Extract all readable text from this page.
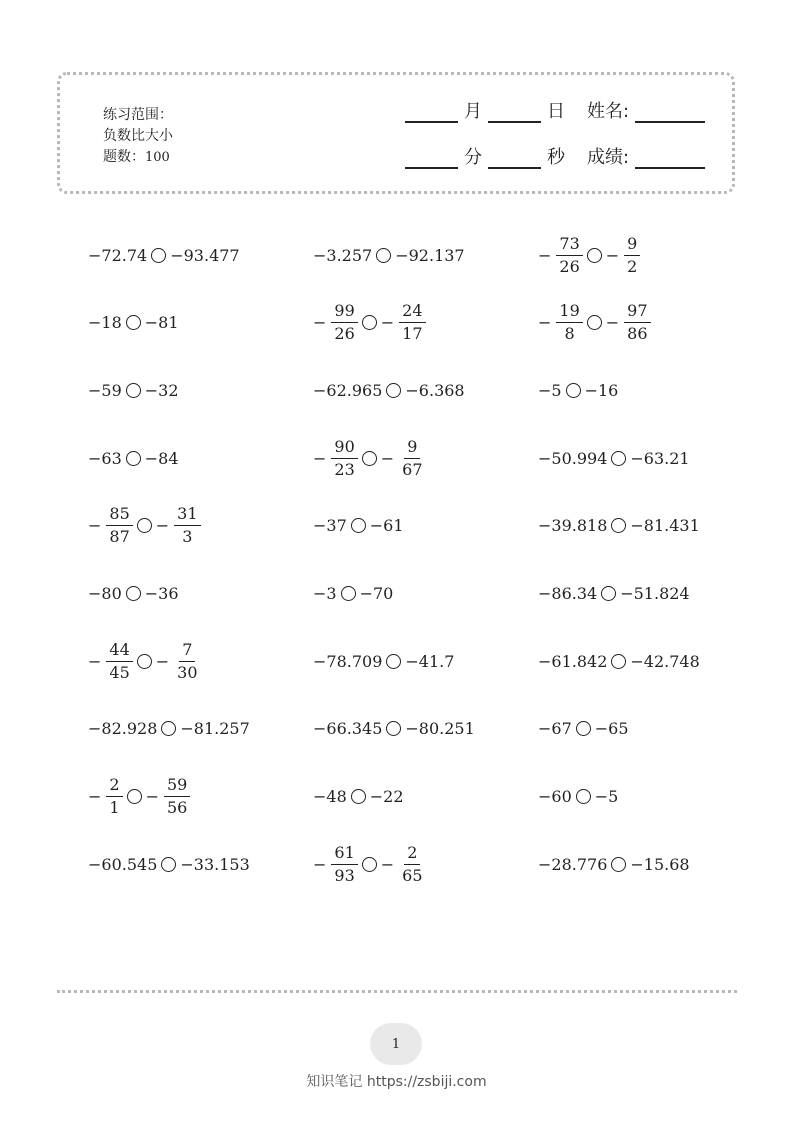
练习范围：
负数比大小
题数：100
月	日 姓名:
分	秒 成绩:
−72.74 −93.477	−3.257 −92.137	− $\frac{73}{26} - \frac{9}{2}$
−18 −81	− $\frac{99}{26} - \frac{24}{17}$	− $\frac{19}{8} - \frac{97}{86}$
−59 −32	−62.965 −6.368	−5 −16
−63 −84	− $\frac{90}{23} - \frac{9}{67}$	−50.994 −63.21
− $\frac{85}{87} - \frac{31}{3}$	−37 −61	−39.818 −81.431
−80 −36	−3 −70	−86.34 −51.824
− $\frac{44}{45} - \frac{7}{30}$	−78.709 −41.7	−61.842 −42.748
−82.928 −81.257	−66.345 −80.251	−67 −65
− $\frac{2}{1} - \frac{59}{56}$	−48 −22	−60 −5
−60.545 −33.153	− $\frac{61}{93} - \frac{2}{65}$	−28.776 −15.68
1
知识笔记 https://zsbiji.com
